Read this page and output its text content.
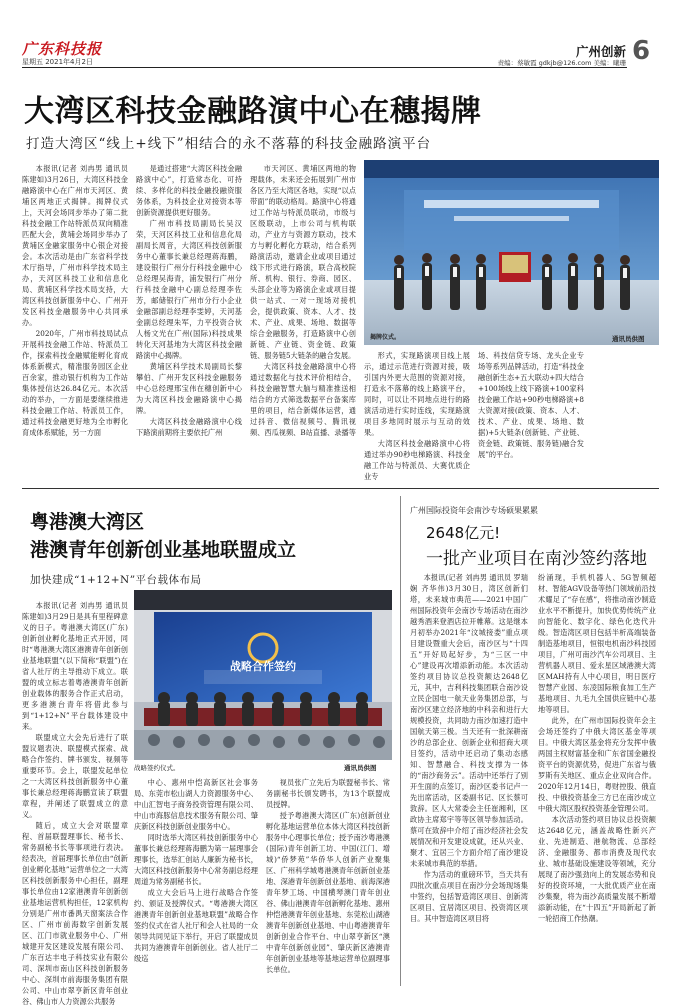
广东科技报
星期五 2021年4月2日
广州创新 6
责编：蔡敏霞 gdkjb@126.com 美编：曦珊
大湾区科技金融路演中心在穗揭牌
打造大湾区“线上+线下”相结合的永不落幕的科技金融路演平台

本报讯(记者 刘冉男 通讯员 陈建如)3月26日，大湾区科技金融路演中心在广州市天河区、黄埔区两地正式揭牌。揭牌仪式上，天河会场同步举办了第二批科技金融工作站特派员双向精准匹配大会，黄埔会场同步举办了黄埔区金融家服务中心银企对接会。本次活动是由广东省科学技术厅指导，广州市科学技术局主办，天河区科技工业和信息化局、黄埔区科学技术局支持，大湾区科技创新服务中心、广州开发区科技金融服务中心共同承办。

2020年，广州市科技局试点开展科技金融工作站、特派员工作，探索科技金融赋能孵化育成体系新模式，精准服务园区企业百余家，推动银行机构为工作站集体授信达26.84亿元。本次活动的举办，一方面是要继续推进科技金融工作站、特派员工作，通过科技金融更好地为全市孵化育成体系赋能，另一方面

是通过搭建“大湾区科技金融路演中心”，打造常态化、可持续、多样化的科技金融投融资服务体系，为科技企业对接资本等创新资源提供更好服务。

广州市科技局副局长吴汉荣，天河区科技工业和信息化局副局长周音，大湾区科技创新服务中心董事长兼总经理蒋海鹏，建设银行广州分行科技金融中心总经理吴海青，浦发银行广州分行科技金融中心副总经理李佐芳，邮储银行广州市分行小企业金融部副总经理李雯婷，天河基金副总经理朱军，力平投资合伙人杨文光在广州(国际)科技成果转化天河基地为大湾区科技金融路演中心揭牌。

黄埔区科学技术局副局长黎攀伯、广州开发区科技金融服务中心总经理邢宝伟在穗创新中心为大湾区科技金融路演中心揭牌。

大湾区科技金融路演中心线下路演前期将主要依托广州

市天河区、黄埔区两地的物理载体，未来还会拓展到广州市各区乃至大湾区各地，实现“以点带面”的联动格局。路演中心将通过工作站与特派员联动，市级与区级联动，上市公司与机构联动，产业方与资源方联动，技术方与孵化孵化方联动，结合系列路演活动，邀请企业或项目通过线下形式进行路演，联合高校院所、机构、银行、券商、园区、头部企业等为路演企业或项目提供一站式、一对一现场对接机会，提供政策、资本、人才、技术、产业、成果、场地、数据等综合金融服务，打造路演中心创新链、产业链、资金链、政策链、服务链5大链条的融合发展。

大湾区科技金融路演中心将通过数据化与技术评价相结合，科技金融智慧大脑与精准推送相结合的方式筛选数据平台备案库里的项目，结合新媒体运营，通过抖音、微信视频号、腾讯视频、西瓜视频、B站直播、录播等

揭牌仪式。	通讯员供图

形式，实现路演项目线上展示，通过示范进行资源对接，吸引国内外更大范围的资源对接，打造永不落幕的线上路演平台，同时，可以让不同地点进行的路演活动进行实时连线，实现路演项目多地同时展示与互动的效果。

大湾区科技金融路演中心将通过举办90秒电梯路演、科技金融工作站与特派员、大赛优质企业专

场、科技信贷专场、龙头企业专场等系列品牌活动，打造“科技金融创新生态+五大联动+四大结合+100场线上线下路演+100家科技金融工作站+90秒电梯路演+8大资源对接(政策、资本、人才、技术、产业、成果、场地、数据)+5大链条(创新链、产业链、资金链、政策链、服务链)融合发展”的平台。

粤港澳大湾区
港澳青年创新创业基地联盟成立
加快建成“1+12+N”平台载体布局

本报讯(记者 刘冉男 通讯员 陈建如)3月29日是具有里程碑意义的日子。粤港澳大湾区(广东)创新创业孵化基地正式开园，同时“粤港澳大湾区港澳青年创新创业基地联盟”(以下简称“联盟”)在省人社厅的主导推动下成立。联盟的成立标志着粤港澳青年创新创业载体的服务合作正式启动，更多港澳台青年将借此参与到“1+12+N”平台载体建设中来。

联盟成立大会先后进行了联盟议题表决、联盟模式探索、战略合作签约、牌书颁发、视频等重要环节。会上，联盟发起单位之一大湾区科技创新服务中心董事长兼总经理蒋海鹏宣读了联盟章程，并阐述了联盟成立的意义。

随后，成立大会对联盟章程、首届联盟理事长、秘书长、常务副秘书长等事项进行表决。经表决，首届理事长单位由“创新创业孵化基地”运营单位之一大湾区科技创新服务中心担任，副理事长单位由12家港澳青年创新创业基地运营机构担任，12家机构分别是广州市番禺天窗案法合作区、广州市前海数字创新发展区、江门市就业服务中心、广州城建开发区建设发展有限公司、广东百达丰电子科技实业有限公司、深圳市南山区科技创新服务中心、深圳市前海服务集团有限公司、中山市翠亨新区青年创业谷、佛山市人力资源公共服务

战略合作签约
战略签约仪式。	通讯员供图

中心、惠州中恺高新区社会事务局、东莞市松山湖人力资源服务中心、中山汇智电子商务投资管理有限公司、中山市海豚信息技术服务有限公司、肇庆新区科技创新创业服务中心。

同时选举大湾区科技创新服务中心董事长兼总经理蒋海鹏为第一届理事会理事长，选举汇创站人廉新为秘书长，大湾区科技创新服务中心常务副总经理周道为常务副秘书长。

成立大会后马上进行战略合作签约、颁证及授牌仪式。“粤港澳大湾区港澳青年创新创业基地联盟”战略合作签约仪式在省人社厅和会人社局的一众领导共同见证下举行，开启了联盟成员共同为港澳青年创新创业。省人社厅二级巡

视员张广立先后为联盟秘书长、常务副秘书长颁发聘书，为13个联盟成员授牌。

授予粤港澳大湾区(广东)创新创业孵化基地运营单位本体大湾区科技创新服务中心理事长单位；授予南沙粤港澳(国际)青年创新工坊、中国(江门、增城)“侨梦苑”华侨华人创新产业聚集区、广州科学城粤港澳青年创新创业基地、深港青年创新创业基地、前海深港青年梦工场、中国横琴澳门青年创业谷、佛山港澳青年创新孵化基地、惠州仲恺港澳青年创业基地、东莞松山湖港澳青年创新创业基地、中山粤港澳青年创新创业合作平台、中山翠亨新区“澳中青年创新创业园”、肇庆新区港澳青年创新创业基地等基地运营单位副理事长单位。

广州国际投资年会南沙专场硕果累累
2648亿元!
一批产业项目在南沙签约落地

本报讯(记者 刘冉男 通讯员 罗瑞娴 齐华伟)3月30日，湾区创新们塔，未来城市典范——2021中国广州国际投资年会南沙专场活动在南沙越秀酒来登酒店拉开帷幕。这是继本月初举办2021年“汶城接娄”重点项目建设暨重大会后，南沙区与“十四五”开好局起好步，为“三区一中心”建设再次增添新动能。本次活动签约项目协议总投资额达2648亿元，其中，吉利科技集团联合南沙设立民企国电一航天业务集团总部，与南沙区建立经济地的中科亲和进行大规模投资，共同助力南沙加速打造中国航天第三极。当天还有一批深耕南沙的总部企业、创新企业和招商大项目签约，活动中还启动了集动态感知、智慧融合、科技支撑为一体的“南沙商务云”。活动中还举行了别开生面的点签订，南沙区委书记卢一先出席活动，区委副书记、区长蔡可敦辞。区人大常委会主任崔湘利，区政协主席郑宇等等区领导参加活动。蔡可在致辞中介绍了南沙经济社会发展情况和开发建设成就，还从兴业、聚才、宜居三个方面介绍了南沙建设未来城市典范的举措。

作为活动的重磅环节，当天共有四批次重点项目在南沙分会场现场集中签约，包括智造湾区项目、创新湾区项目、宜居湾区项目、投资湾区项目。其中智造湾区项目将

纷涌现，手机机器人、5G智频超材、智能AGV设备等热门领域前沿技术耀足了“存在感”，将推动南沙制造业水平不断提升，加快优势传统产业向智能化、数字化、绿色化迭代升级。智造湾区项目包括半析高端装备制造基地项目，恒银电机南沙科技园项目，广州可南沙汽车公司项目、主营机器人项目、爱永星区域港澳大湾区MAH持有人中心项目，明日医疗智慧产业园、东凌国际粮食加工生产基地项目、九毛九全国供应链中心基地等项目。

此外，在广州市国际投资年会主会场还签约了中俄大湾区基金等项目。中俄大湾区基金将充分发挥中俄两国主权财富基金和广东省国金融投资平台的资源优势，促进广东省与俄罗斯有关地区、重点企业双向合作。2020年12月14日，粤财控股、俄直投、中俄投资基金三方已在南沙成立中俄大湾区股权投资基金管理公司。

本次活动签约项目协议总投资额达2648亿元，涵盖战略性新兴产业、先进制造、港航物流、总部经济、金融服务、都市消费及现代农业、城市基础设施建设等领域，充分展现了南沙强劲向上的发展态势和良好的投资环境，一大批优质产业在南沙集聚，将为南沙高质量发展不断增添新动能，在“十四五”开局新起了新一轮招商工作热潮。
